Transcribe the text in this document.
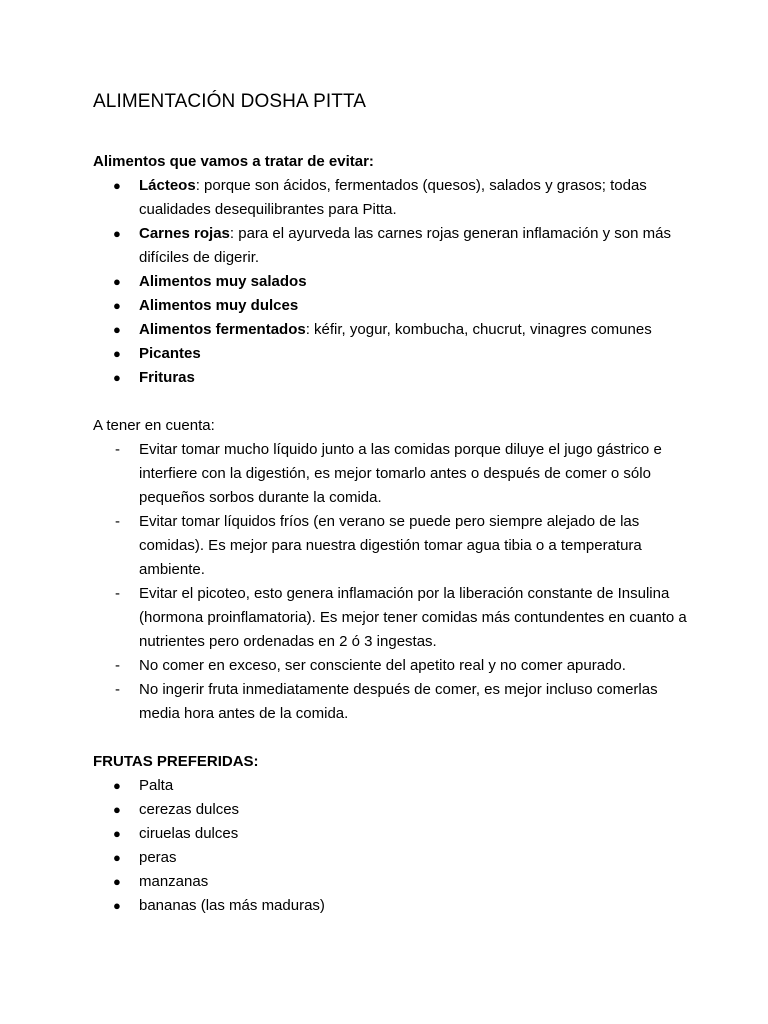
ALIMENTACIÓN DOSHA PITTA

Alimentos que vamos a tratar de evitar:

●	Lácteos: porque son ácidos, fermentados (quesos), salados y grasos; todas cualidades desequilibrantes para Pitta.
●	Carnes rojas: para el ayurveda las carnes rojas generan inflamación y son más difíciles de digerir.
●	Alimentos muy salados
●	Alimentos muy dulces
●	Alimentos fermentados: kéfir, yogur, kombucha, chucrut, vinagres comunes
●	Picantes
●	Frituras

A tener en cuenta:

-	Evitar tomar mucho líquido junto a las comidas porque diluye el jugo gástrico e interfiere con la digestión, es mejor tomarlo antes o después de comer o sólo pequeños sorbos durante la comida.
-	Evitar tomar líquidos fríos (en verano se puede pero siempre alejado de las comidas). Es mejor para nuestra digestión tomar agua tibia o a temperatura ambiente.
-	Evitar el picoteo, esto genera inflamación por la liberación constante de Insulina (hormona proinflamatoria). Es mejor tener comidas más contundentes en cuanto a nutrientes pero ordenadas en 2 ó 3 ingestas.
-	No comer en exceso, ser consciente del apetito real y no comer apurado.
-	No ingerir fruta inmediatamente después de comer, es mejor incluso comerlas media hora antes de la comida.

FRUTAS PREFERIDAS:

●	Palta
●	cerezas dulces
●	ciruelas dulces
●	peras
●	manzanas
●	bananas (las más maduras)
